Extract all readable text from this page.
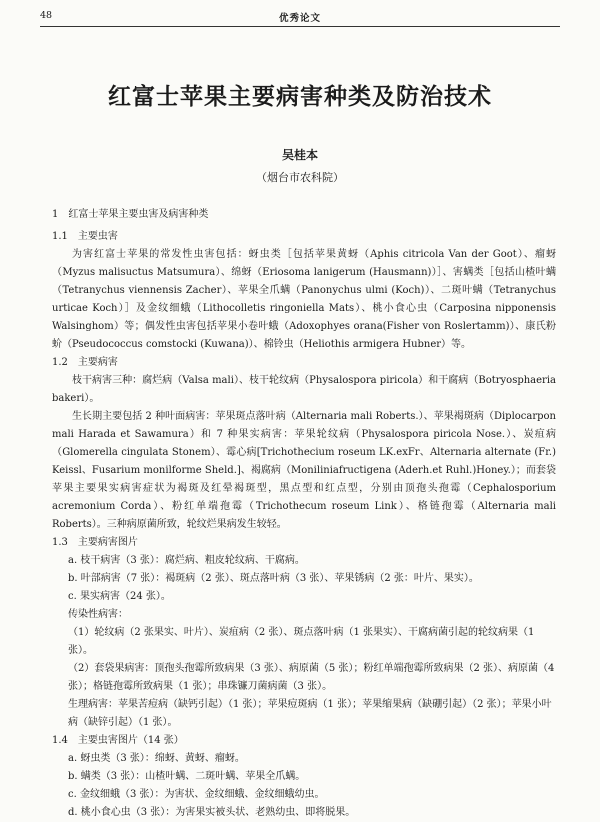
48	优秀论文
红富士苹果主要病害种类及防治技术
吴桂本
（烟台市农科院）
1 红富士苹果主要虫害及病害种类
1.1 主要虫害

为害红富士苹果的常发性虫害包括：蚜虫类［包括苹果黄蚜（Aphis citricola Van der Goot）、瘤蚜（Myzus malisuctus Matsumura）、绵蚜（Eriosoma lanigerum (Hausmann)）］、害螨类［包括山楂叶螨（Tetranychus viennensis Zacher）、苹果全爪螨（Panonychus ulmi (Koch)）、二斑叶螨（Tetranychus urticae Koch）］及金纹细蛾（Lithocolletis ringoniella Mats）、桃小食心虫（Carposina nipponensis Walsinghom）等；偶发性虫害包括苹果小卷叶蛾（Adoxophyes orana(Fisher von Roslertamm)）、康氏粉蚧（Pseudococcus comstocki (Kuwana)）、棉铃虫（Heliothis armigera Hubner）等。

1.2 主要病害

枝干病害三种：腐烂病（Valsa mali）、枝干轮纹病（Physalospora piricola）和干腐病（Botryosphaeria bakeri）。

生长期主要包括 2 种叶面病害：苹果斑点落叶病（Alternaria mali Roberts.）、苹果褐斑病（Diplocarpon mali Harada et Sawamura）和 7 种果实病害：苹果轮纹病（Physalospora piricola Nose.）、炭疽病（Glomerella cingulata Stonem）、霉心病[Trichothecium roseum LK.exFr、Alternaria alternate (Fr.) Keissl、Fusarium monilforme Sheld.]、褐腐病（Moniliniafructigena (Aderh.et Ruhl.)Honey.）；而套袋苹果主要果实病害症状为褐斑及红晕褐斑型，黑点型和红点型，分别由顶孢头孢霉（Cephalosporium acremonium Corda）、粉红单端孢霉（Trichothecum roseum Link）、格链孢霉（Alternaria mali Roberts）。三种病原菌所致，轮纹烂果病发生较轻。

1.3 主要病害图片

a. 枝干病害（3 张）：腐烂病、粗皮轮纹病、干腐病。

b. 叶部病害（7 张）：褐斑病（2 张）、斑点落叶病（3 张）、苹果锈病（2 张：叶片、果实）。

c. 果实病害（24 张）。

传染性病害：

（1）轮纹病（2 张果实、叶片）、炭疽病（2 张）、斑点落叶病（1 张果实）、干腐病菌引起的轮纹病果（1 张）。

（2）套袋果病害：顶孢头孢霉所致病果（3 张）、病原菌（5 张）；粉红单端孢霉所致病果（2 张）、病原菌（4 张）；格链孢霉所致病果（1 张）；串珠镰刀菌病菌（3 张）。

生理病害：苹果苦痘病（缺钙引起）（1 张）；苹果痘斑病（1 张）；苹果缩果病（缺硼引起）（2 张）；苹果小叶病（缺锌引起）（1 张）。

1.4 主要虫害图片（14 张）

a. 蚜虫类（3 张）：绵蚜、黄蚜、瘤蚜。

b. 螨类（3 张）：山楂叶螨、二斑叶螨、苹果全爪螨。

c. 金纹细蛾（3 张）：为害状、金纹细蛾、金纹细蛾幼虫。

d. 桃小食心虫（3 张）：为害果实被头状、老熟幼虫、即将脱果。
